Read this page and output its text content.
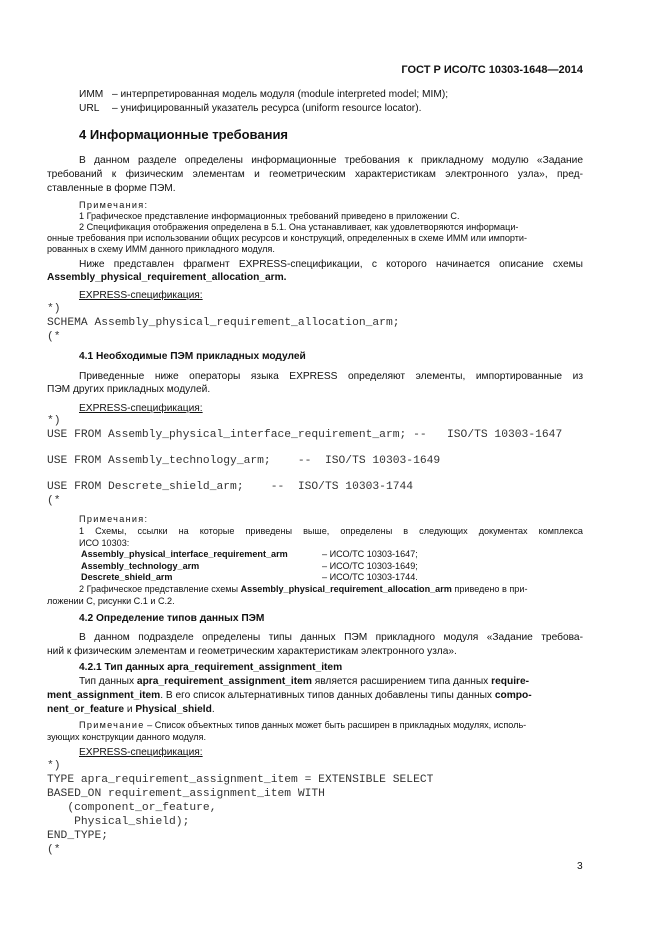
ГОСТ Р ИСО/ТС 10303-1648—2014
ИММ – интерпретированная модель модуля (module interpreted model; MIM);
URL – унифицированный указатель ресурса (uniform resource locator).
4 Информационные требования
В данном разделе определены информационные требования к прикладному модулю «Задание
требований к физическим элементам и геометрическим характеристикам электронного узла», пред-
ставленные в форме ПЭМ.
Примечания:
1 Графическое представление информационных требований приведено в приложении С.
2 Спецификация отображения определена в 5.1. Она устанавливает, как удовлетворяются информаци-
онные требования при использовании общих ресурсов и конструкций, определенных в схеме ИММ или импорти-
рованных в схему ИММ данного прикладного модуля.
Ниже представлен фрагмент EXPRESS-спецификации, с которого начинается описание схемы
Assembly_physical_requirement_allocation_arm.
EXPRESS-спецификация:
*)
SCHEMA Assembly_physical_requirement_allocation_arm;
(*
4.1 Необходимые ПЭМ прикладных модулей
Приведенные ниже операторы языка EXPRESS определяют элементы, импортированные из
ПЭМ других прикладных модулей.
EXPRESS-спецификация:
*)
USE FROM Assembly_physical_interface_requirement_arm; --   ISO/TS 10303-1647
USE FROM Assembly_technology_arm;    --  ISO/TS 10303-1649
USE FROM Descrete_shield_arm;    --  ISO/TS 10303-1744
(*
Примечания:
1 Схемы, ссылки на которые приведены выше, определены в следующих документах комплекса
ИСО 10303:
Assembly_physical_interface_requirement_arm	– ИСО/ТС 10303-1647;
Assembly_technology_arm	– ИСО/ТС 10303-1649;
Descrete_shield_arm	– ИСО/ТС 10303-1744.
2 Графическое представление схемы Assembly_physical_requirement_allocation_arm приведено в при-
ложении С, рисунки С.1 и С.2.
4.2 Определение типов данных ПЭМ
В данном подразделе определены типы данных ПЭМ прикладного модуля «Задание требова-
ний к физическим элементам и геометрическим характеристикам электронного узла».
4.2.1 Тип данных apra_requirement_assignment_item
Тип данных apra_requirement_assignment_item является расширением типа данных require-
ment_assignment_item. В его список альтернативных типов данных добавлены типы данных compo-
nent_or_feature и Physical_shield.
Примечание – Список объектных типов данных может быть расширен в прикладных модулях, исполь-
зующих конструкции данного модуля.
EXPRESS-спецификация:
*)
TYPE apra_requirement_assignment_item = EXTENSIBLE SELECT
BASED_ON requirement_assignment_item WITH
(component_or_feature,
Physical_shield);
END_TYPE;
(*
3
